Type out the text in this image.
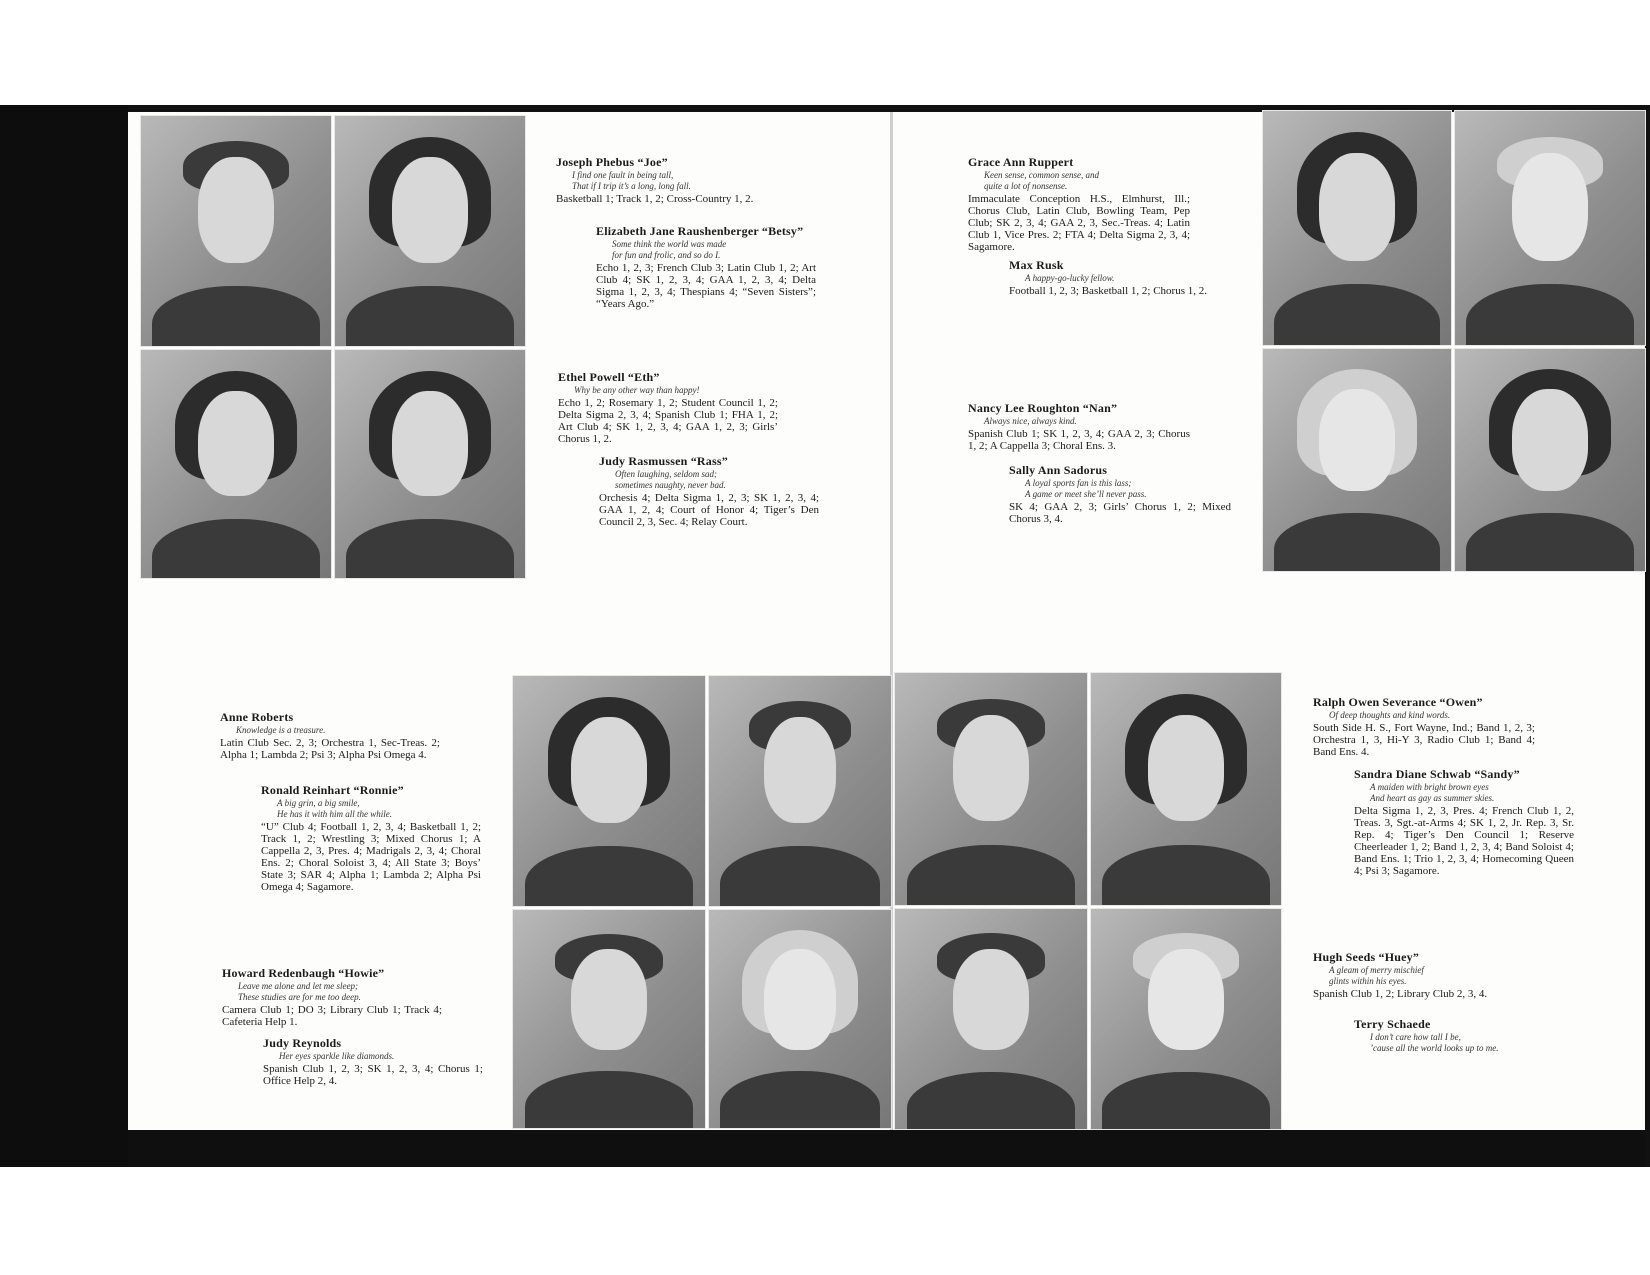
Joseph Phebus “Joe”
I find one fault in being tall,
That if I trip it’s a long, long fall.
Basketball 1; Track 1, 2; Cross-Country 1, 2.
Elizabeth Jane Raushenberger “Betsy”
Some think the world was made
for fun and frolic, and so do I.
Echo 1, 2, 3; French Club 3; Latin Club 1, 2; Art Club 4; SK 1, 2, 3, 4; GAA 1, 2, 3, 4; Delta Sigma 1, 2, 3, 4; Thespians 4; “Seven Sisters”; “Years Ago.”
Ethel Powell “Eth”
Why be any other way than happy!
Echo 1, 2; Rosemary 1, 2; Student Council 1, 2; Delta Sigma 2, 3, 4; Spanish Club 1; FHA 1, 2; Art Club 4; SK 1, 2, 3, 4; GAA 1, 2, 3; Girls’ Chorus 1, 2.
Judy Rasmussen “Rass”
Often laughing, seldom sad;
sometimes naughty, never bad.
Orchesis 4; Delta Sigma 1, 2, 3; SK 1, 2, 3, 4; GAA 1, 2, 4; Court of Honor 4; Tiger’s Den Council 2, 3, Sec. 4; Relay Court.
Grace Ann Ruppert
Keen sense, common sense, and
quite a lot of nonsense.
Immaculate Conception H.S., Elmhurst, Ill.; Chorus Club, Latin Club, Bowling Team, Pep Club; SK 2, 3, 4; GAA 2, 3, Sec.-Treas. 4; Latin Club 1, Vice Pres. 2; FTA 4; Delta Sigma 2, 3, 4; Sagamore.
Max Rusk
A happy-go-lucky fellow.
Football 1, 2, 3; Basketball 1, 2; Chorus 1, 2.
Nancy Lee Roughton “Nan”
Always nice, always kind.
Spanish Club 1; SK 1, 2, 3, 4; GAA 2, 3; Chorus 1, 2; A Cappella 3; Choral Ens. 3.
Sally Ann Sadorus
A loyal sports fan is this lass;
A game or meet she’ll never pass.
SK 4; GAA 2, 3; Girls’ Chorus 1, 2; Mixed Chorus 3, 4.
Anne Roberts
Knowledge is a treasure.
Latin Club Sec. 2, 3; Orchestra 1, Sec-Treas. 2; Alpha 1; Lambda 2; Psi 3; Alpha Psi Omega 4.
Ronald Reinhart “Ronnie”
A big grin, a big smile,
He has it with him all the while.
“U” Club 4; Football 1, 2, 3, 4; Basketball 1, 2; Track 1, 2; Wrestling 3; Mixed Chorus 1; A Cappella 2, 3, Pres. 4; Madrigals 2, 3, 4; Choral Ens. 2; Choral Soloist 3, 4; All State 3; Boys’ State 3; SAR 4; Alpha 1; Lambda 2; Alpha Psi Omega 4; Sagamore.
Howard Redenbaugh “Howie”
Leave me alone and let me sleep;
These studies are for me too deep.
Camera Club 1; DO 3; Library Club 1; Track 4; Cafeteria Help 1.
Judy Reynolds
Her eyes sparkle like diamonds.
Spanish Club 1, 2, 3; SK 1, 2, 3, 4; Chorus 1; Office Help 2, 4.
Ralph Owen Severance “Owen”
Of deep thoughts and kind words.
South Side H. S., Fort Wayne, Ind.; Band 1, 2, 3; Orchestra 1, 3, Hi-Y 3, Radio Club 1; Band 4; Band Ens. 4.
Sandra Diane Schwab “Sandy”
A maiden with bright brown eyes
And heart as gay as summer skies.
Delta Sigma 1, 2, 3, Pres. 4; French Club 1, 2, Treas. 3, Sgt.-at-Arms 4; SK 1, 2, Jr. Rep. 3, Sr. Rep. 4; Tiger’s Den Council 1; Reserve Cheerleader 1, 2; Band 1, 2, 3, 4; Band Soloist 4; Band Ens. 1; Trio 1, 2, 3, 4; Homecoming Queen 4; Psi 3; Sagamore.
Hugh Seeds “Huey”
A gleam of merry mischief
glints within his eyes.
Spanish Club 1, 2; Library Club 2, 3, 4.
Terry Schaede
I don’t care how tall I be,
’cause all the world looks up to me.
